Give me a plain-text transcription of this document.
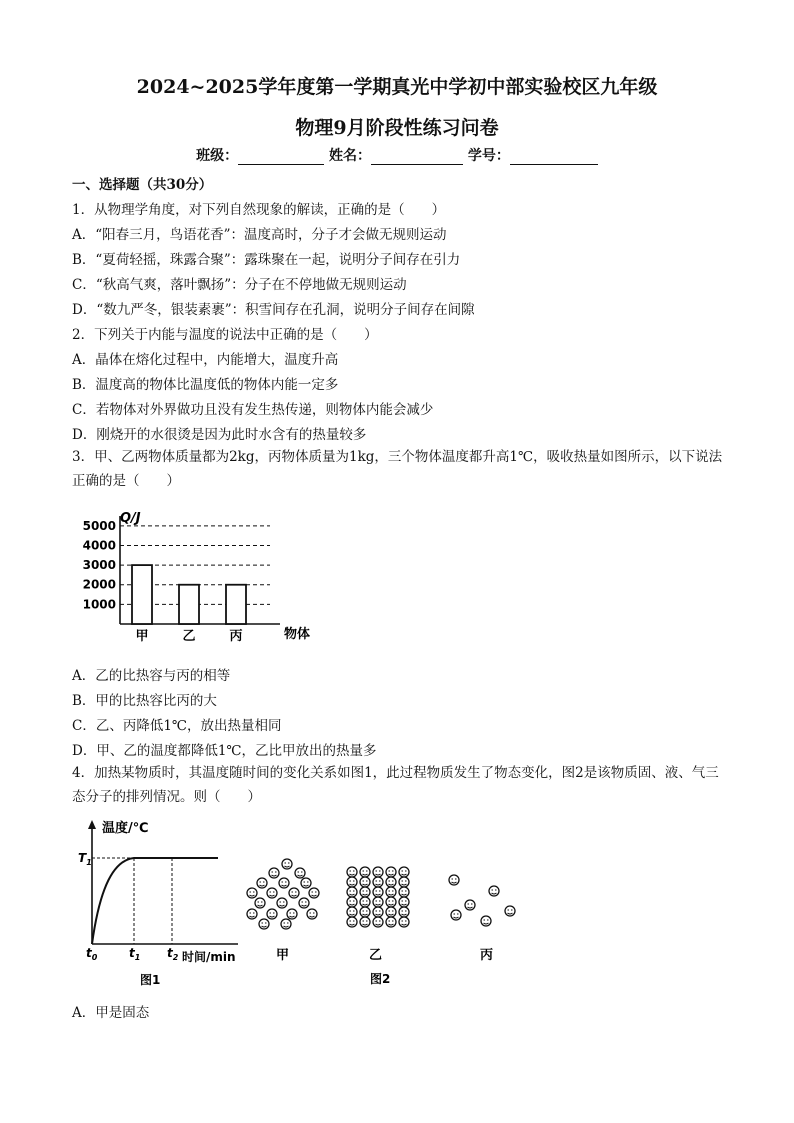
2024~2025学年度第一学期真光中学初中部实验校区九年级
物理9月阶段性练习问卷
班级：	姓名：	学号：
一、选择题（共30分）
1．从物理学角度，对下列自然现象的解读，正确的是（　　）
A．“阳春三月，鸟语花香”：温度高时，分子才会做无规则运动
B．“夏荷轻摇，珠露合聚”：露珠聚在一起，说明分子间存在引力
C．“秋高气爽，落叶飘扬”：分子在不停地做无规则运动
D．“数九严冬，银装素裹”：积雪间存在孔洞，说明分子间存在间隙
2．下列关于内能与温度的说法中正确的是（　　）
A．晶体在熔化过程中，内能增大，温度升高
B．温度高的物体比温度低的物体内能一定多
C．若物体对外界做功且没有发生热传递，则物体内能会减少
D．刚烧开的水很烫是因为此时水含有的热量较多
3．甲、乙两物体质量都为2kg，丙物体质量为1kg，三个物体温度都升高1℃，吸收热量如图所示，以下说法正确的是（　　）
Q/J
物体
1000
2000
3000
4000
5000
甲	乙	丙
A．乙的比热容与丙的相等
B．甲的比热容比丙的大
C．乙、丙降低1℃，放出热量相同
D．甲、乙的温度都降低1℃，乙比甲放出的热量多
4．加热某物质时，其温度随时间的变化关系如图1，此过程物质发生了物态变化，图2是该物质固、液、气三态分子的排列情况。则（　　）
温度/℃
$T_1$
$t_0$	$t_1$ $t_2$ 时间/min
图1
甲	乙	丙
图2
A．甲是固态
